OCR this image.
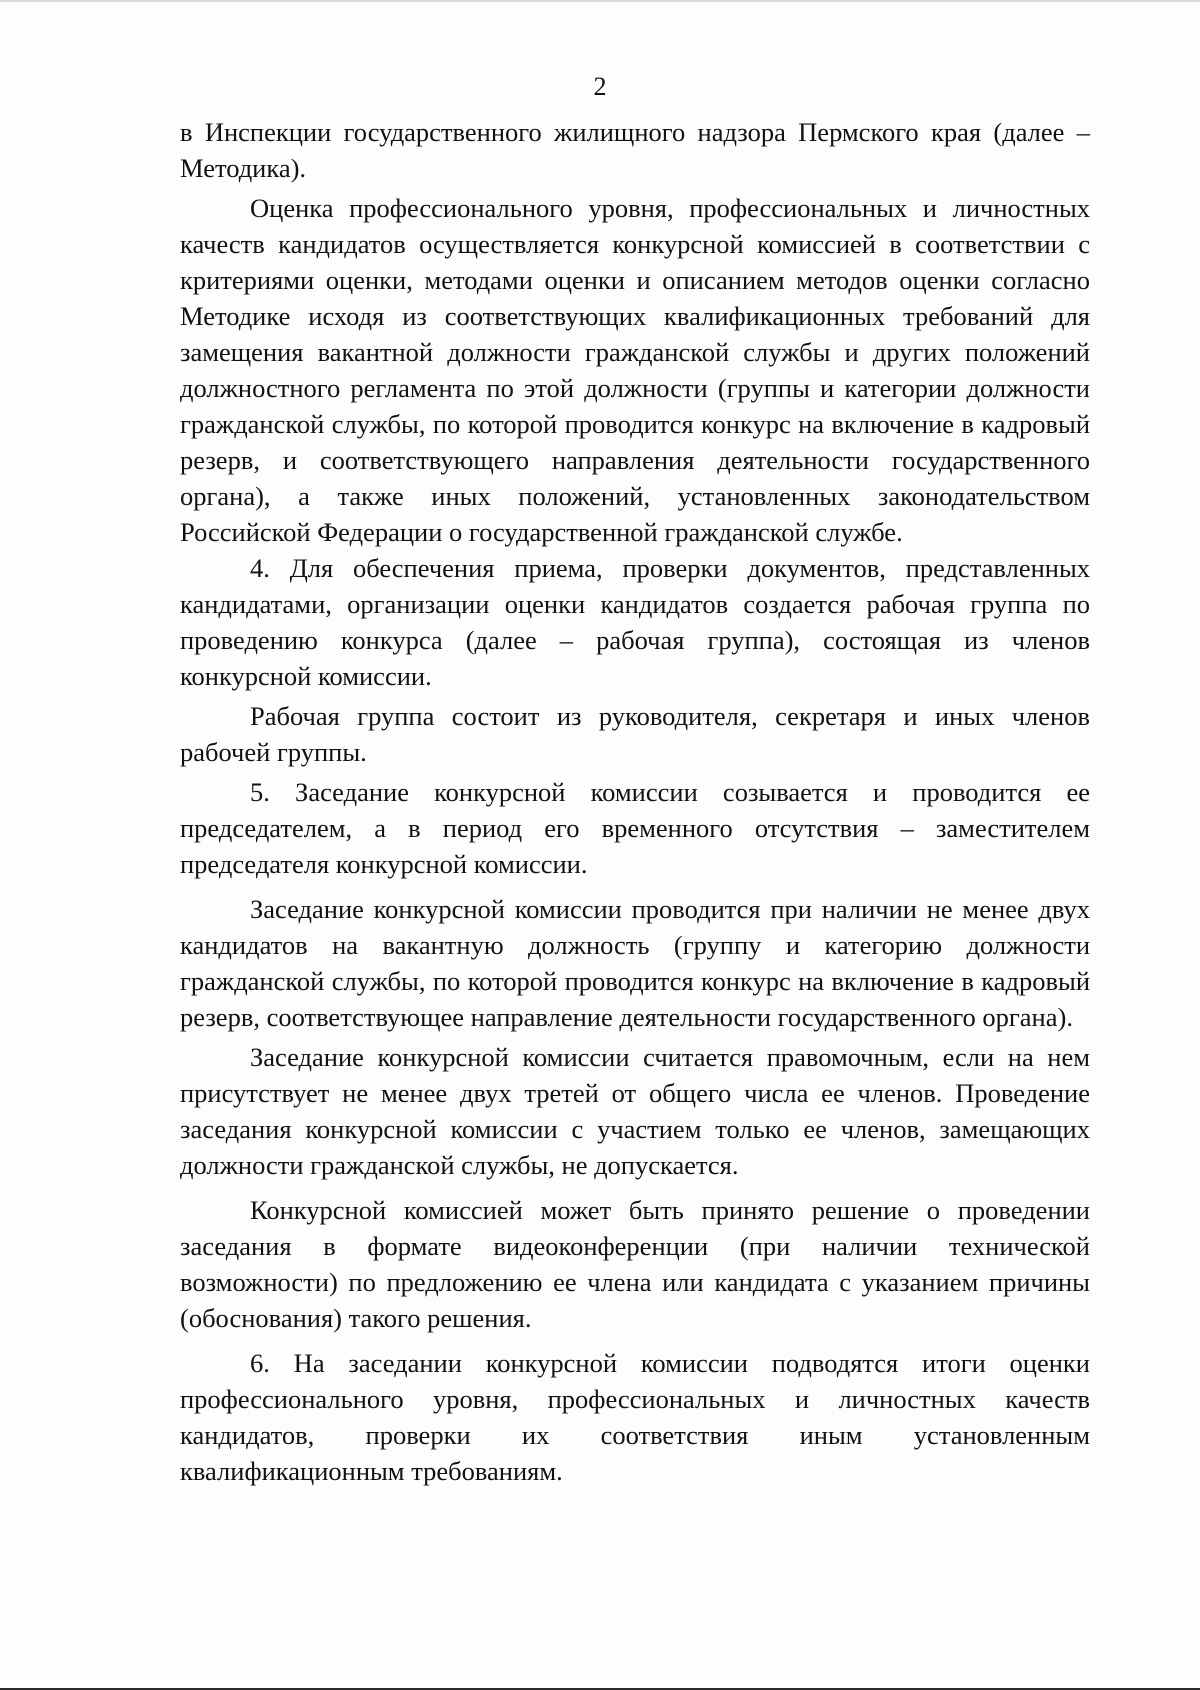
2

в Инспекции государственного жилищного надзора Пермского края (далее – Методика).

Оценка профессионального уровня, профессиональных и личностных качеств кандидатов осуществляется конкурсной комиссией в соответствии с критериями оценки, методами оценки и описанием методов оценки согласно Методике исходя из соответствующих квалификационных требований для замещения вакантной должности гражданской службы и других положений должностного регламента по этой должности (группы и категории должности гражданской службы, по которой проводится конкурс на включение в кадровый резерв, и соответствующего направления деятельности государственного органа), а также иных положений, установленных законодательством Российской Федерации о государственной гражданской службе.

4. Для обеспечения приема, проверки документов, представленных кандидатами, организации оценки кандидатов создается рабочая группа по проведению конкурса (далее – рабочая группа), состоящая из членов конкурсной комиссии.

Рабочая группа состоит из руководителя, секретаря и иных членов рабочей группы.

5. Заседание конкурсной комиссии созывается и проводится ее председателем, а в период его временного отсутствия – заместителем председателя конкурсной комиссии.

Заседание конкурсной комиссии проводится при наличии не менее двух кандидатов на вакантную должность (группу и категорию должности гражданской службы, по которой проводится конкурс на включение в кадровый резерв, соответствующее направление деятельности государственного органа).

Заседание конкурсной комиссии считается правомочным, если на нем присутствует не менее двух третей от общего числа ее членов. Проведение заседания конкурсной комиссии с участием только ее членов, замещающих должности гражданской службы, не допускается.

Конкурсной комиссией может быть принято решение о проведении заседания в формате видеоконференции (при наличии технической возможности) по предложению ее члена или кандидата с указанием причины (обоснования) такого решения.

6. На заседании конкурсной комиссии подводятся итоги оценки профессионального уровня, профессиональных и личностных качеств кандидатов, проверки их соответствия иным установленным квалификационным требованиям.
